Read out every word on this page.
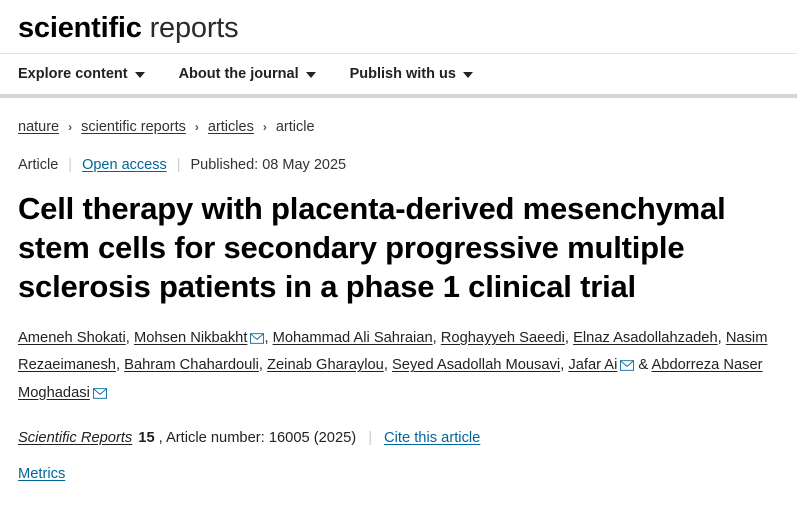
scientific reports
Explore content	About the journal	Publish with us
nature › scientific reports › articles › article
Article | Open access | Published: 08 May 2025
Cell therapy with placenta-derived mesenchymal stem cells for secondary progressive multiple sclerosis patients in a phase 1 clinical trial
Ameneh Shokati, Mohsen Nikbakht , Mohammad Ali Sahraian, Roghayyeh Saeedi, Elnaz Asadollahzadeh, Nasim Rezaeimanesh, Bahram Chahardouli, Zeinab Gharaylou, Seyed Asadollah Mousavi, Jafar Ai & Abdorreza Naser Moghadasi
Scientific Reports 15 , Article number: 16005 (2025) | Cite this article
Metrics
